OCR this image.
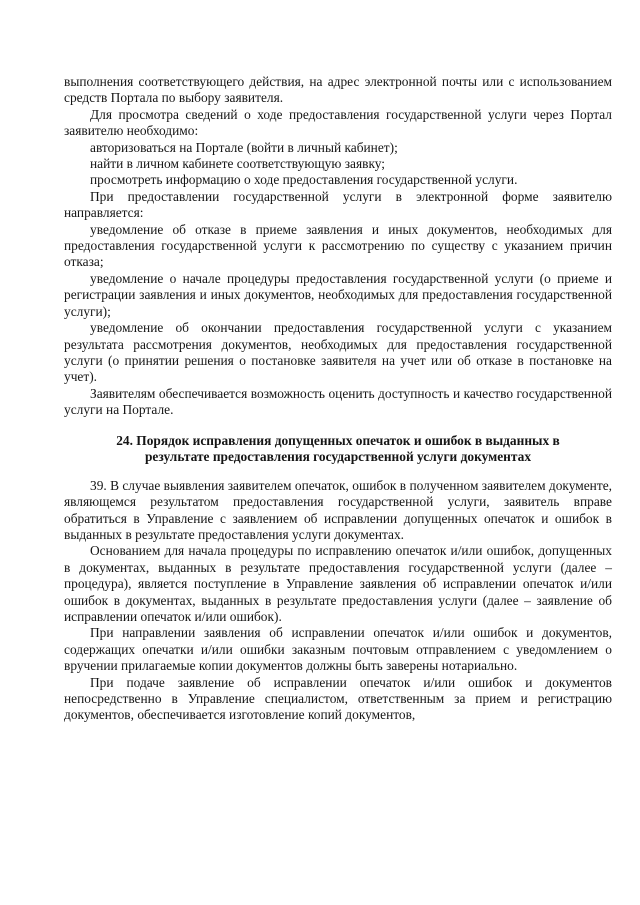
выполнения соответствующего действия, на адрес электронной почты или с использованием средств Портала по выбору заявителя.

Для просмотра сведений о ходе предоставления государственной услуги через Портал заявителю необходимо:

авторизоваться на Портале (войти в личный кабинет);

найти в личном кабинете соответствующую заявку;

просмотреть информацию о ходе предоставления государственной услуги.

При предоставлении государственной услуги в электронной форме заявителю направляется:

уведомление об отказе в приеме заявления и иных документов, необходимых для предоставления государственной услуги к рассмотрению по существу с указанием причин отказа;

уведомление о начале процедуры предоставления государственной услуги (о приеме и регистрации заявления и иных документов, необходимых для предоставления государственной услуги);

уведомление об окончании предоставления государственной услуги с указанием результата рассмотрения документов, необходимых для предоставления государственной услуги (о принятии решения о постановке заявителя на учет или об отказе в постановке на учет).

Заявителям обеспечивается возможность оценить доступность и качество государственной услуги на Портале.

24. Порядок исправления допущенных опечаток и ошибок в выданных в
результате предоставления государственной услуги документах

39. В случае выявления заявителем опечаток, ошибок в полученном заявителем документе, являющемся результатом предоставления государственной услуги, заявитель вправе обратиться в Управление с заявлением об исправлении допущенных опечаток и ошибок в выданных в результате предоставления услуги документах.

Основанием для начала процедуры по исправлению опечаток и/или ошибок, допущенных в документах, выданных в результате предоставления государственной услуги (далее – процедура), является поступление в Управление заявления об исправлении опечаток и/или ошибок в документах, выданных в результате предоставления услуги (далее – заявление об исправлении опечаток и/или ошибок).

При направлении заявления об исправлении опечаток и/или ошибок и документов, содержащих опечатки и/или ошибки заказным почтовым отправлением с уведомлением о вручении прилагаемые копии документов должны быть заверены нотариально.

При подаче заявление об исправлении опечаток и/или ошибок и документов непосредственно в Управление специалистом, ответственным за прием и регистрацию документов, обеспечивается изготовление копий документов,
